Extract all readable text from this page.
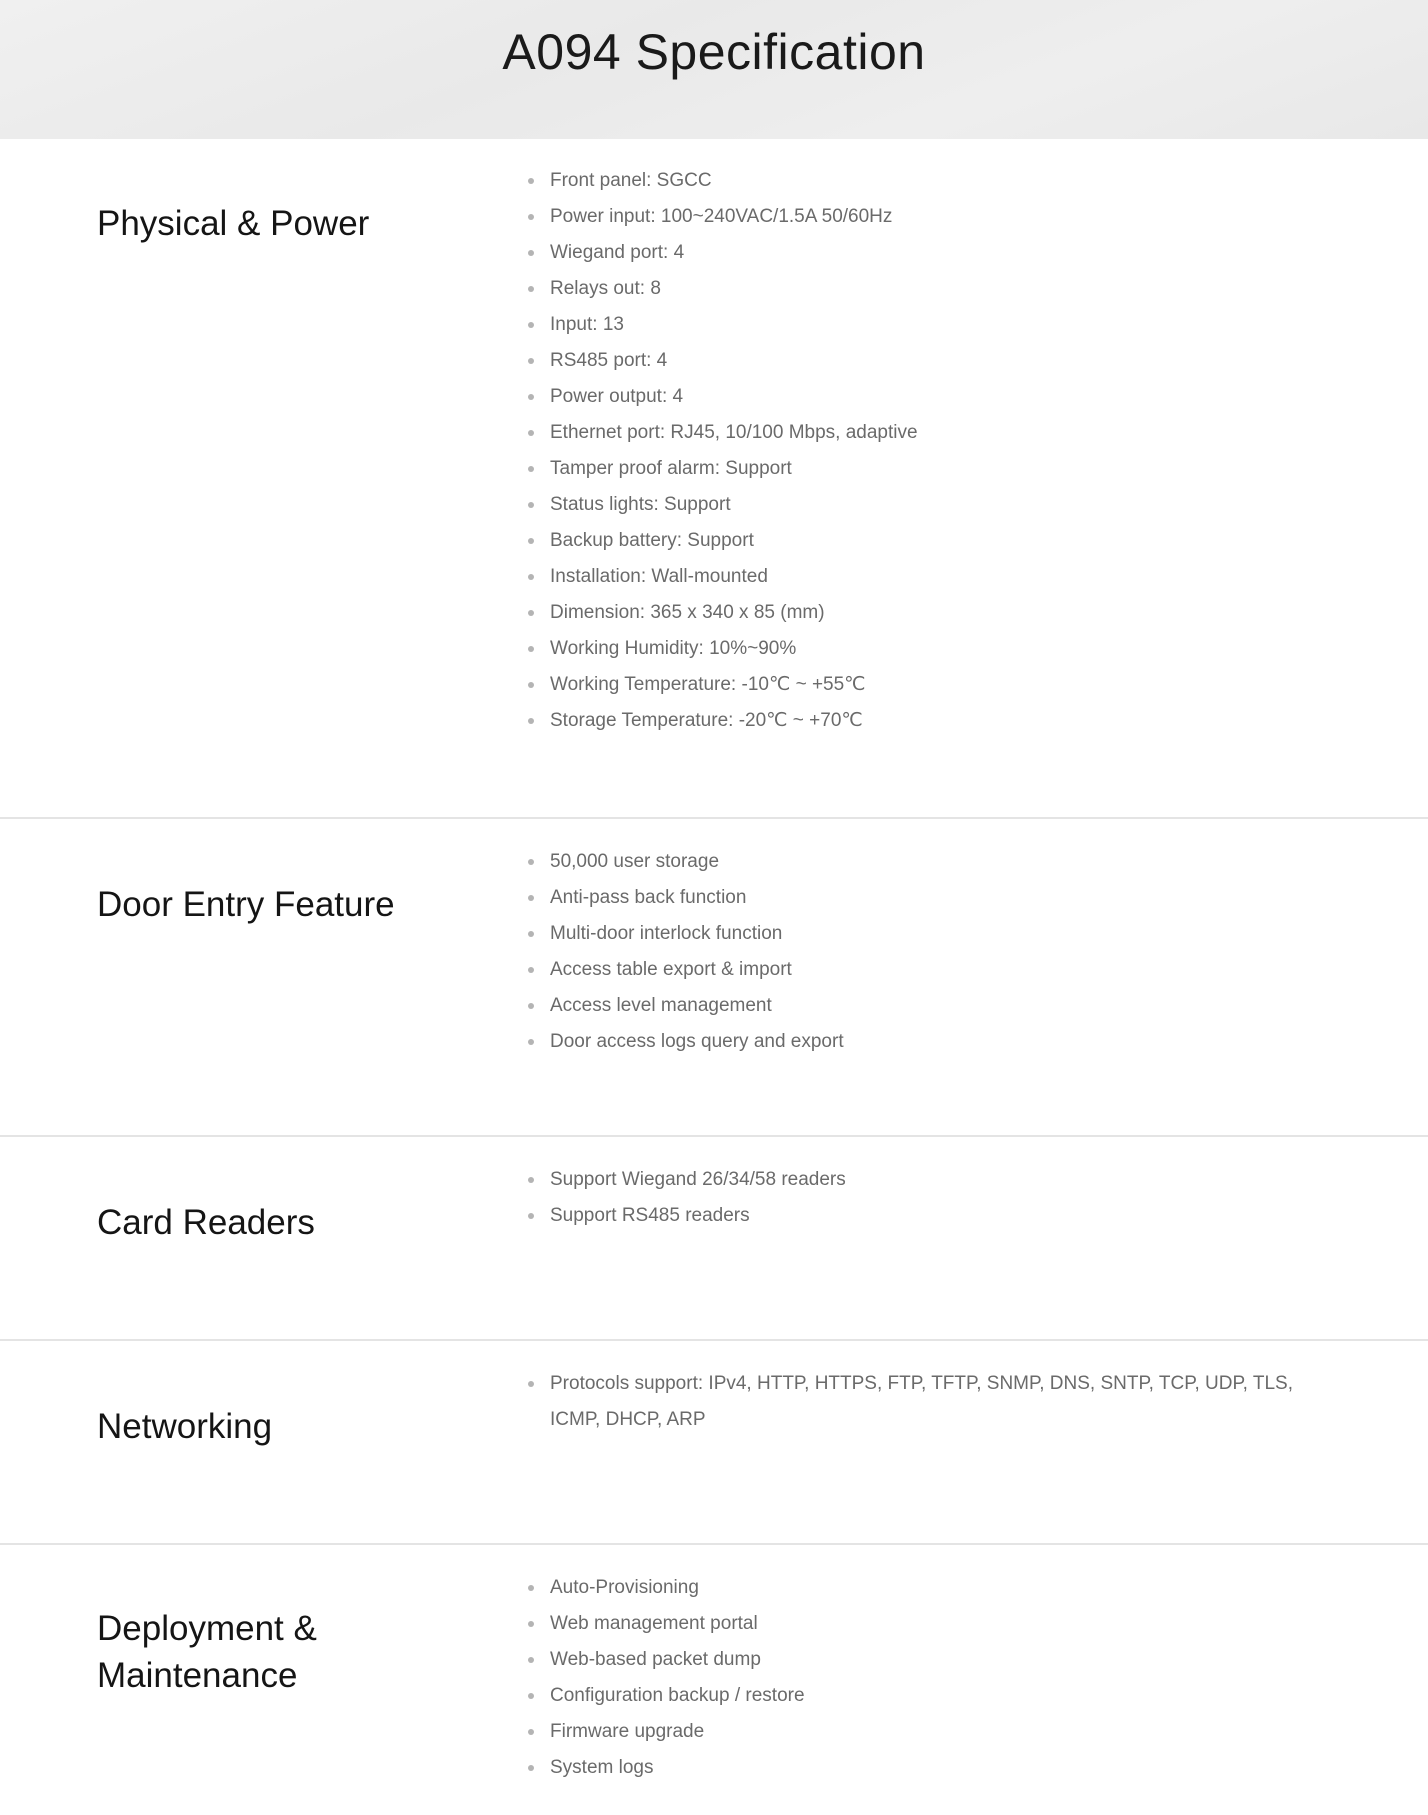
A094 Specification
Physical & Power
Front panel: SGCC
Power input: 100~240VAC/1.5A 50/60Hz
Wiegand port: 4
Relays out: 8
Input: 13
RS485 port: 4
Power output: 4
Ethernet port: RJ45, 10/100 Mbps, adaptive
Tamper proof alarm: Support
Status lights: Support
Backup battery: Support
Installation: Wall-mounted
Dimension: 365 x 340 x 85 (mm)
Working Humidity: 10%~90%
Working Temperature: -10℃ ~ +55℃
Storage Temperature: -20℃ ~ +70℃
Door Entry Feature
50,000 user storage
Anti-pass back function
Multi-door interlock function
Access table export & import
Access level management
Door access logs query and export
Card Readers
Support Wiegand 26/34/58 readers
Support RS485 readers
Networking
Protocols support: IPv4, HTTP, HTTPS, FTP, TFTP, SNMP, DNS, SNTP, TCP, UDP, TLS, ICMP, DHCP, ARP
Deployment & Maintenance
Auto-Provisioning
Web management portal
Web-based packet dump
Configuration backup / restore
Firmware upgrade
System logs
